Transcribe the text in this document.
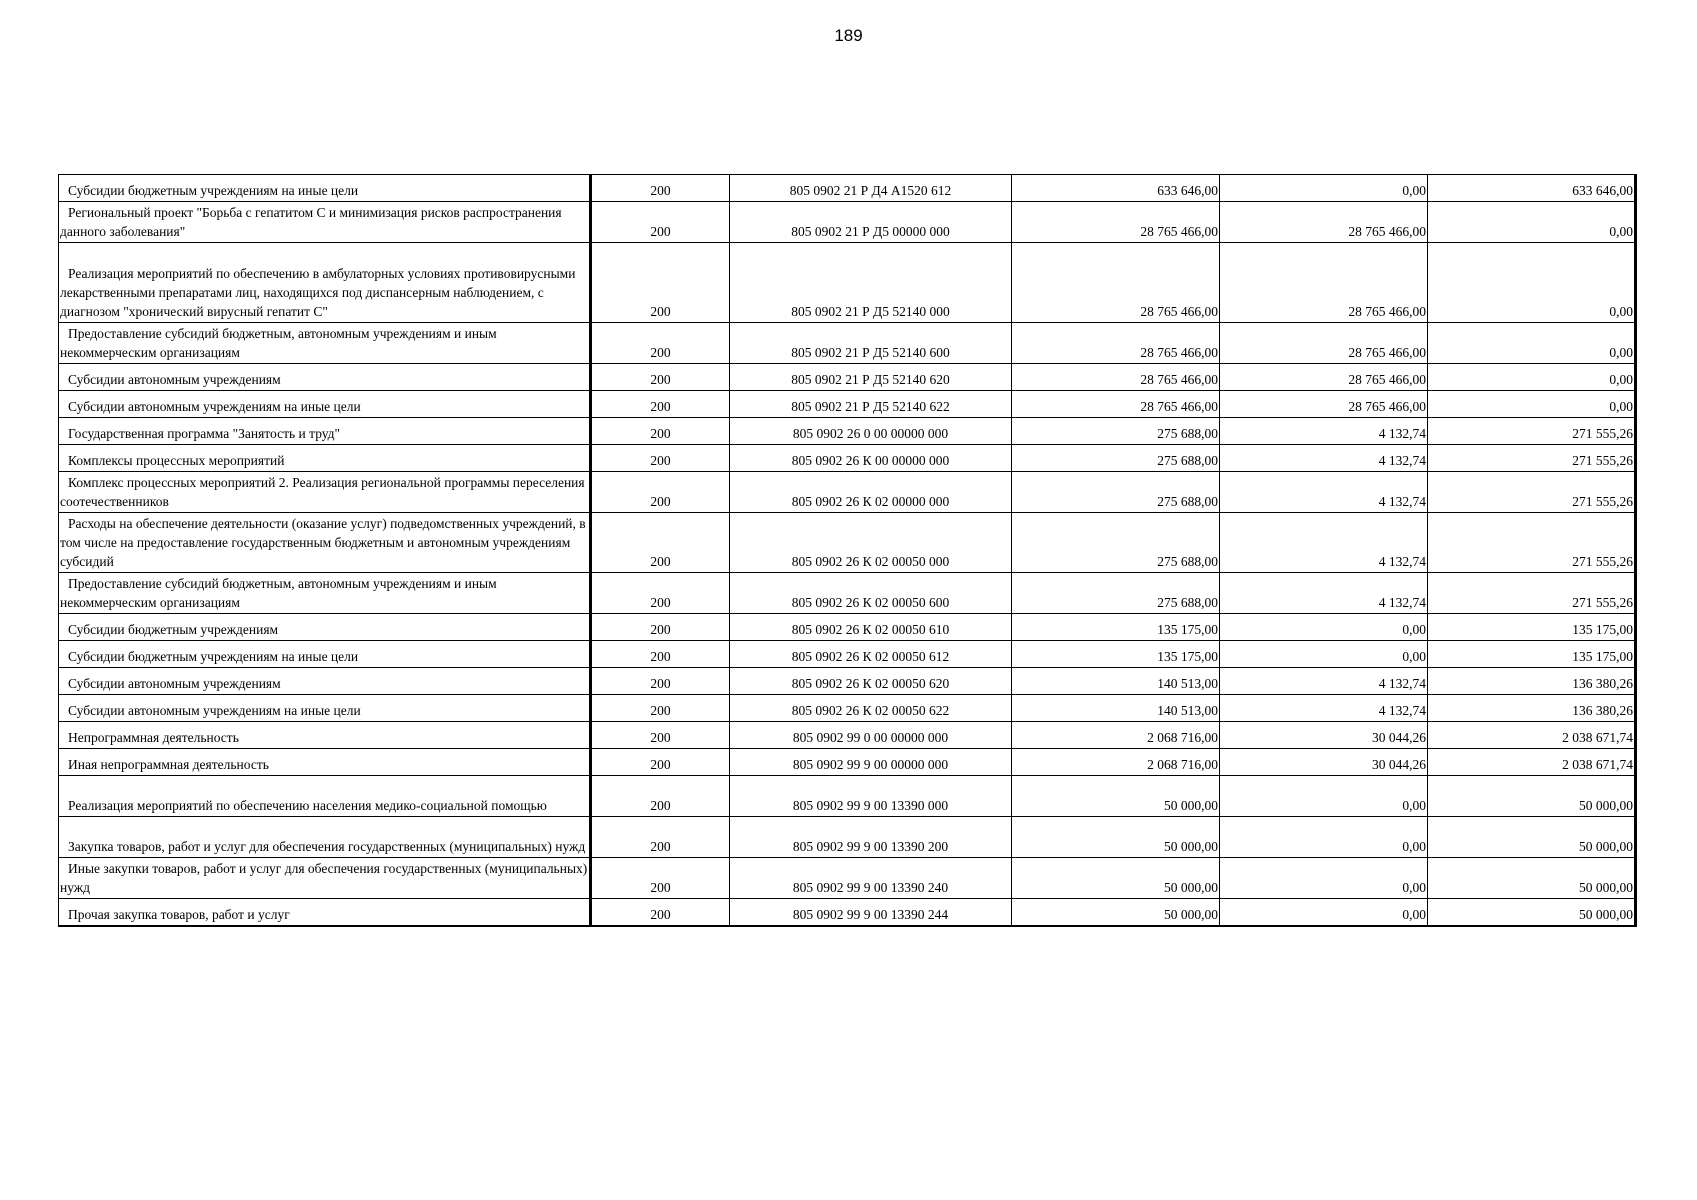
189
Субсидии бюджетным учреждениям на иные цели	200	805 0902 21 Р Д4 А1520 612	633 646,00	0,00	633 646,00

Региональный проект "Борьба с гепатитом С и минимизация рисков распространения данного заболевания"	200	805 0902 21 Р Д5 00000 000	28 765 466,00	28 765 466,00	0,00

Реализация мероприятий по обеспечению в амбулаторных условиях противовирусными лекарственными препаратами лиц, находящихся под диспансерным наблюдением, с диагнозом "хронический вирусный гепатит С"	200	805 0902 21 Р Д5 52140 000	28 765 466,00	28 765 466,00	0,00

Предоставление субсидий бюджетным, автономным учреждениям и иным некоммерческим организациям	200	805 0902 21 Р Д5 52140 600	28 765 466,00	28 765 466,00	0,00

Субсидии автономным учреждениям	200	805 0902 21 Р Д5 52140 620	28 765 466,00	28 765 466,00	0,00

Субсидии автономным учреждениям на иные цели	200	805 0902 21 Р Д5 52140 622	28 765 466,00	28 765 466,00	0,00

Государственная программа "Занятость и труд"	200	805 0902 26 0 00 00000 000	275 688,00	4 132,74	271 555,26

Комплексы процессных мероприятий	200	805 0902 26 К 00 00000 000	275 688,00	4 132,74	271 555,26

Комплекс процессных мероприятий 2. Реализация региональной программы переселения соотечественников	200	805 0902 26 К 02 00000 000	275 688,00	4 132,74	271 555,26

Расходы на обеспечение деятельности (оказание услуг) подведомственных учреждений, в том числе на предоставление государственным бюджетным и автономным учреждениям субсидий	200	805 0902 26 К 02 00050 000	275 688,00	4 132,74	271 555,26

Предоставление субсидий бюджетным, автономным учреждениям и иным некоммерческим организациям	200	805 0902 26 К 02 00050 600	275 688,00	4 132,74	271 555,26

Субсидии бюджетным учреждениям	200	805 0902 26 К 02 00050 610	135 175,00	0,00	135 175,00

Субсидии бюджетным учреждениям на иные цели	200	805 0902 26 К 02 00050 612	135 175,00	0,00	135 175,00

Субсидии автономным учреждениям	200	805 0902 26 К 02 00050 620	140 513,00	4 132,74	136 380,26

Субсидии автономным учреждениям на иные цели	200	805 0902 26 К 02 00050 622	140 513,00	4 132,74	136 380,26

Непрограммная деятельность	200	805 0902 99 0 00 00000 000	2 068 716,00	30 044,26	2 038 671,74

Иная непрограммная деятельность	200	805 0902 99 9 00 00000 000	2 068 716,00	30 044,26	2 038 671,74

Реализация мероприятий по обеспечению населения медико-социальной помощью	200	805 0902 99 9 00 13390 000	50 000,00	0,00	50 000,00

Закупка товаров, работ и услуг для обеспечения государственных (муниципальных) нужд	200	805 0902 99 9 00 13390 200	50 000,00	0,00	50 000,00

Иные закупки товаров, работ и услуг для обеспечения государственных (муниципальных) нужд	200	805 0902 99 9 00 13390 240	50 000,00	0,00	50 000,00

Прочая закупка товаров, работ и услуг	200	805 0902 99 9 00 13390 244	50 000,00	0,00	50 000,00
